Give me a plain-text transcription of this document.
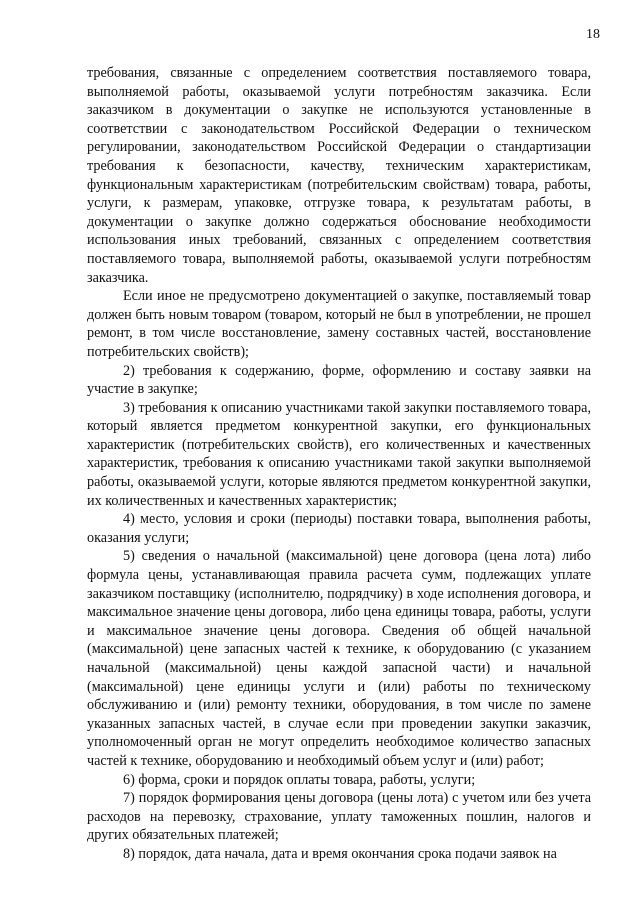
18

требования, связанные с определением соответствия поставляемого товара, выполняемой работы, оказываемой услуги потребностям заказчика. Если заказчиком в документации о закупке не используются установленные в соответствии с законодательством Российской Федерации о техническом регулировании, законодательством Российской Федерации о стандартизации требования к безопасности, качеству, техническим характеристикам, функциональным характеристикам (потребительским свойствам) товара, работы, услуги, к размерам, упаковке, отгрузке товара, к результатам работы, в документации о закупке должно содержаться обоснование необходимости использования иных требований, связанных с определением соответствия поставляемого товара, выполняемой работы, оказываемой услуги потребностям заказчика.

Если иное не предусмотрено документацией о закупке, поставляемый товар должен быть новым товаром (товаром, который не был в употреблении, не прошел ремонт, в том числе восстановление, замену составных частей, восстановление потребительских свойств);

2) требования к содержанию, форме, оформлению и составу заявки на участие в закупке;

3) требования к описанию участниками такой закупки поставляемого товара, который является предметом конкурентной закупки, его функциональных характеристик (потребительских свойств), его количественных и качественных характеристик, требования к описанию участниками такой закупки выполняемой работы, оказываемой услуги, которые являются предметом конкурентной закупки, их количественных и качественных характеристик;

4) место, условия и сроки (периоды) поставки товара, выполнения работы, оказания услуги;

5) сведения о начальной (максимальной) цене договора (цена лота) либо формула цены, устанавливающая правила расчета сумм, подлежащих уплате заказчиком поставщику (исполнителю, подрядчику) в ходе исполнения договора, и максимальное значение цены договора, либо цена единицы товара, работы, услуги и максимальное значение цены договора. Сведения об общей начальной (максимальной) цене запасных частей к технике, к оборудованию (с указанием начальной (максимальной) цены каждой запасной части) и начальной (максимальной) цене единицы услуги и (или) работы по техническому обслуживанию и (или) ремонту техники, оборудования, в том числе по замене указанных запасных частей, в случае если при проведении закупки заказчик, уполномоченный орган не могут определить необходимое количество запасных частей к технике, оборудованию и необходимый объем услуг и (или) работ;

6) форма, сроки и порядок оплаты товара, работы, услуги;

7) порядок формирования цены договора (цены лота) с учетом или без учета расходов на перевозку, страхование, уплату таможенных пошлин, налогов и других обязательных платежей;

8) порядок, дата начала, дата и время окончания срока подачи заявок на
